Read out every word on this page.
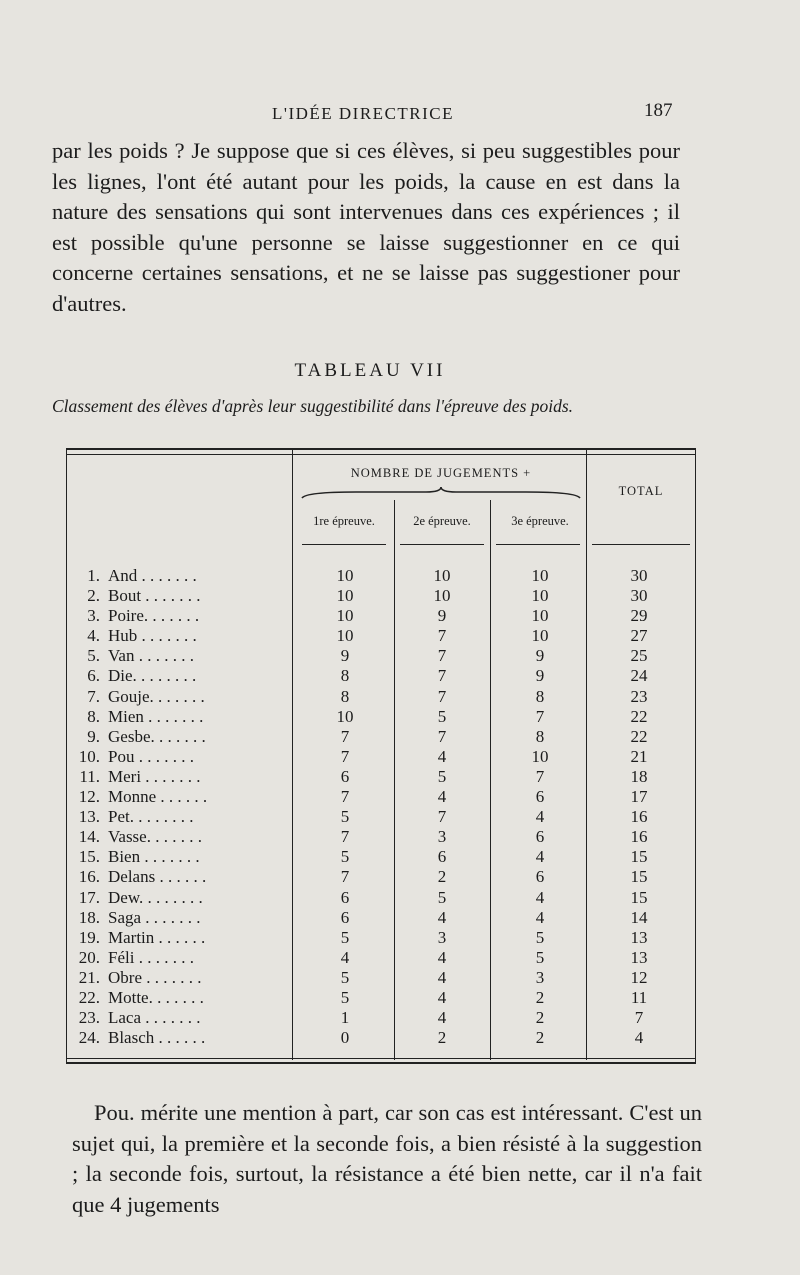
L'IDÉE DIRECTRICE	187

par les poids ? Je suppose que si ces élèves, si peu suggestibles pour les lignes, l'ont été autant pour les poids, la cause en est dans la nature des sensations qui sont intervenues dans ces expériences ; il est possible qu'une personne se laisse suggestionner en ce qui concerne certaines sensations, et ne se laisse pas suggestioner pour d'autres.

TABLEAU VII
Classement des élèves d'après leur suggestibilité dans l'épreuve des poids.
NOMBRE DE JUGEMENTS +
TOTAL
1re épreuve.	2e épreuve.	3e épreuve.
1. And . . . . . . .	10	10	10	30
2. Bout . . . . . . .	10	10	10	30
3. Poire. . . . . . .	10	9	10	29
4. Hub . . . . . . .	10	7	10	27
5. Van . . . . . . .	9	7	9	25
6. Die. . . . . . . .	8	7	9	24
7. Gouje. . . . . . .	8	7	8	23
8. Mien . . . . . . .	10	5	7	22
9. Gesbe. . . . . . .	7	7	8	22
10. Pou . . . . . . .	7	4	10	21
11. Meri . . . . . . .	6	5	7	18
12. Monne . . . . . .	7	4	6	17
13. Pet. . . . . . . .	5	7	4	16
14. Vasse. . . . . . .	7	3	6	16
15. Bien . . . . . . .	5	6	4	15
16. Delans . . . . . .	7	2	6	15
17. Dew. . . . . . . .	6	5	4	15
18. Saga . . . . . . .	6	4	4	14
19. Martin . . . . . .	5	3	5	13
20. Féli . . . . . . .	4	4	5	13
21. Obre . . . . . . .	5	4	3	12
22. Motte. . . . . . .	5	4	2	11
23. Laca . . . . . . .	1	4	2	7
24. Blasch . . . . . .	0	2	2	4

Pou. mérite une mention à part, car son cas est intéressant. C'est un sujet qui, la première et la seconde fois, a bien résisté à la suggestion ; la seconde fois, surtout, la résistance a été bien nette, car il n'a fait que 4 jugements
